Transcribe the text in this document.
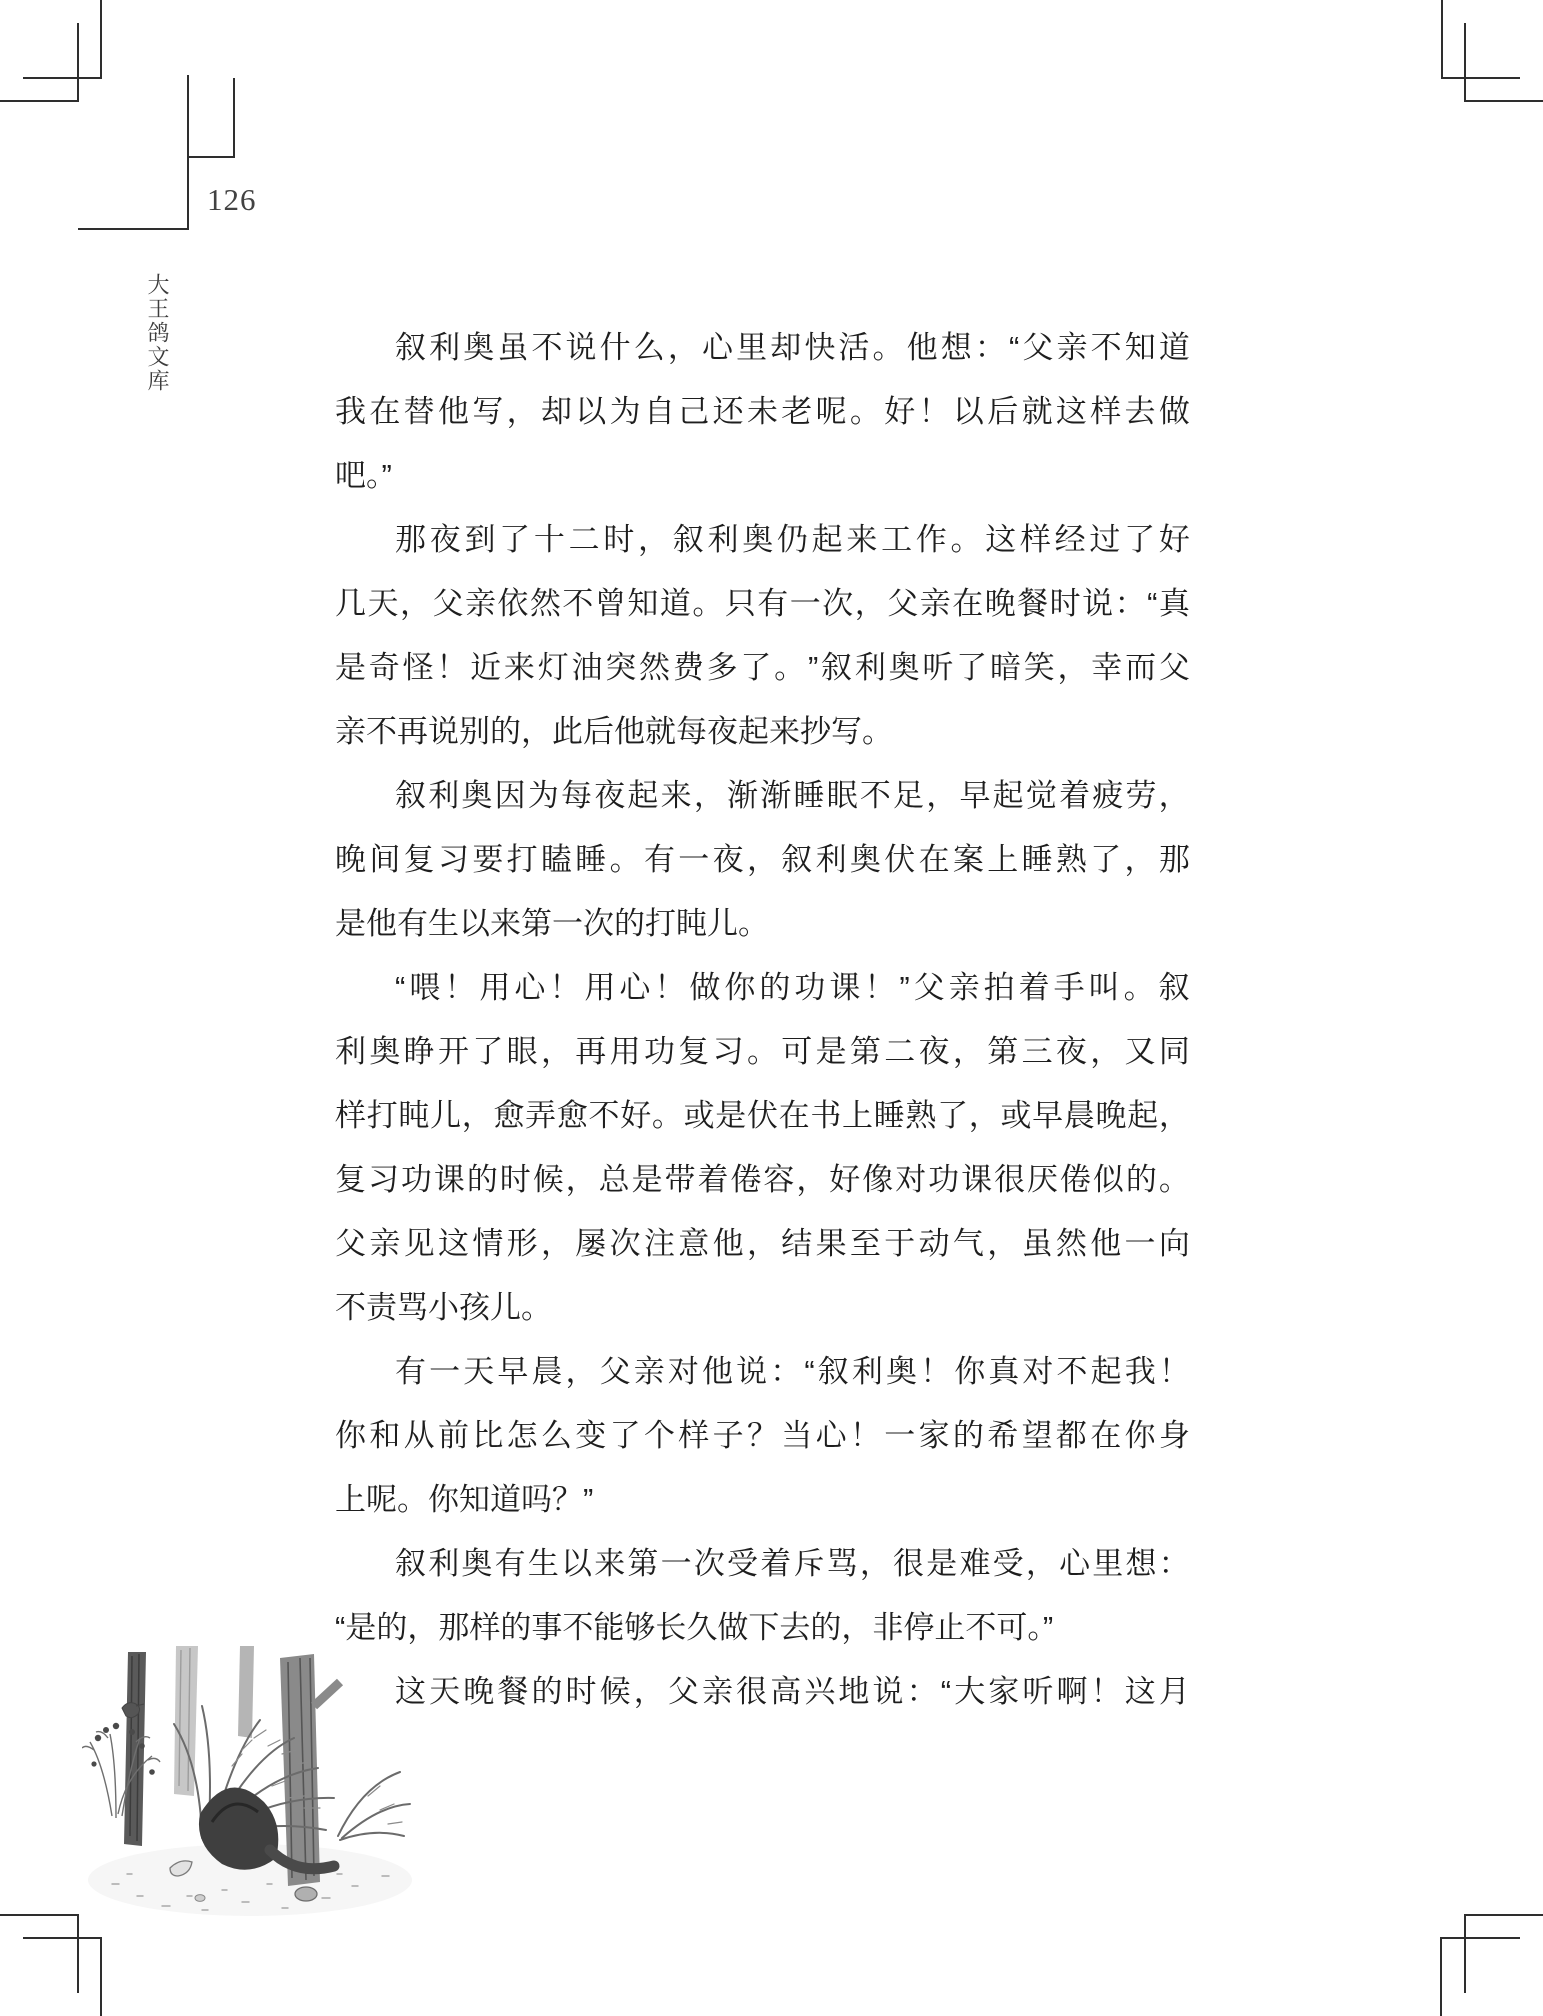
126
大王鸽文库	叙 利 奥 虽 不 说 什 么 ， 心 里 却 快 活 。 他 想 ： “ 父 亲 不 知 道
我 在 替 他 写 ， 却 以 为 自 己 还 未 老 呢 。 好 ！ 以 后 就 这 样 去 做
吧。”
那 夜 到 了 十 二 时 ， 叙 利 奥 仍 起 来 工 作 。 这 样 经 过 了 好
几 天 ， 父 亲 依 然 不 曾 知 道 。 只 有 一 次 ， 父 亲 在 晚 餐 时 说 ： “ 真
是 奇 怪 ！ 近 来 灯 油 突 然 费 多 了 。 ” 叙 利 奥 听 了 暗 笑 ， 幸 而 父
亲不再说别的，此后他就每夜起来抄写。
叙 利 奥 因 为 每 夜 起 来 ， 渐 渐 睡 眠 不 足 ， 早 起 觉 着 疲 劳 ，
晚 间 复 习 要 打 瞌 睡 。 有 一 夜 ， 叙 利 奥 伏 在 案 上 睡 熟 了 ， 那
是他有生以来第一次的打盹儿。
“ 喂 ！ 用 心 ！ 用 心 ！ 做 你 的 功 课 ！ ” 父 亲 拍 着 手 叫 。 叙
利 奥 睁 开 了 眼 ， 再 用 功 复 习 。 可 是 第 二 夜 ， 第 三 夜 ， 又 同
样 打 盹 儿 ， 愈 弄 愈 不 好 。 或 是 伏 在 书 上 睡 熟 了 ， 或 早 晨 晚 起 ，
复 习 功 课 的 时 候 ， 总 是 带 着 倦 容 ， 好 像 对 功 课 很 厌 倦 似 的 。
父 亲 见 这 情 形 ， 屡 次 注 意 他 ， 结 果 至 于 动 气 ， 虽 然 他 一 向
不责骂小孩儿。
有 一 天 早 晨 ， 父 亲 对 他 说 ： “ 叙 利 奥 ！ 你 真 对 不 起 我 ！
你 和 从 前 比 怎 么 变 了 个 样 子 ？ 当 心 ！ 一 家 的 希 望 都 在 你 身
上呢。你知道吗？”
叙 利 奥 有 生 以 来 第 一 次 受 着 斥 骂 ， 很 是 难 受 ， 心 里 想 ：
“是的，那样的事不能够长久做下去的，非停止不可。”
这 天 晚 餐 的 时 候 ， 父 亲 很 高 兴 地 说 ： “ 大 家 听 啊 ！ 这 月
